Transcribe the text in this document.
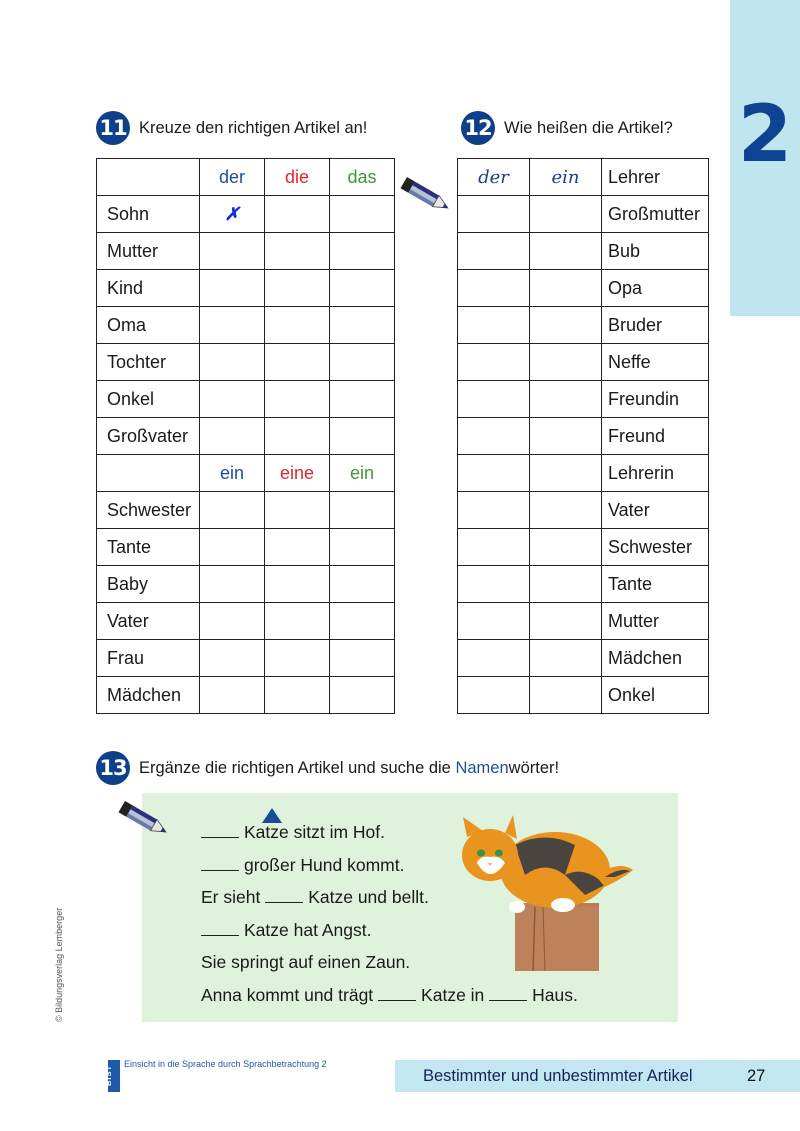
2
11 Kreuze den richtigen Artikel an!
	der	die	das
Sohn	✗		
Mutter			
Kind			
Oma			
Tochter			
Onkel			
Großvater			
	ein	eine	ein
Schwester			
Tante			
Baby			
Vater			
Frau			
Mädchen			
12 Wie heißen die Artikel?
der	ein	Lehrer
		Großmutter
		Bub
		Opa
		Bruder
		Neffe
		Freundin
		Freund
		Lehrerin
		Vater
		Schwester
		Tante
		Mutter
		Mädchen
		Onkel
13 Ergänze die richtigen Artikel und suche die Namenwörter!
Katze sitzt im Hof.
großer Hund kommt.
Er sieht Katze und bellt.
Katze hat Angst.
Sie springt auf einen Zaun.
Anna kommt und trägt Katze in Haus.
© Bildungsverlag Lemberger
BIST
Einsicht in die Sprache durch Sprachbetrachtung 2
Bestimmter und unbestimmter Artikel	27
